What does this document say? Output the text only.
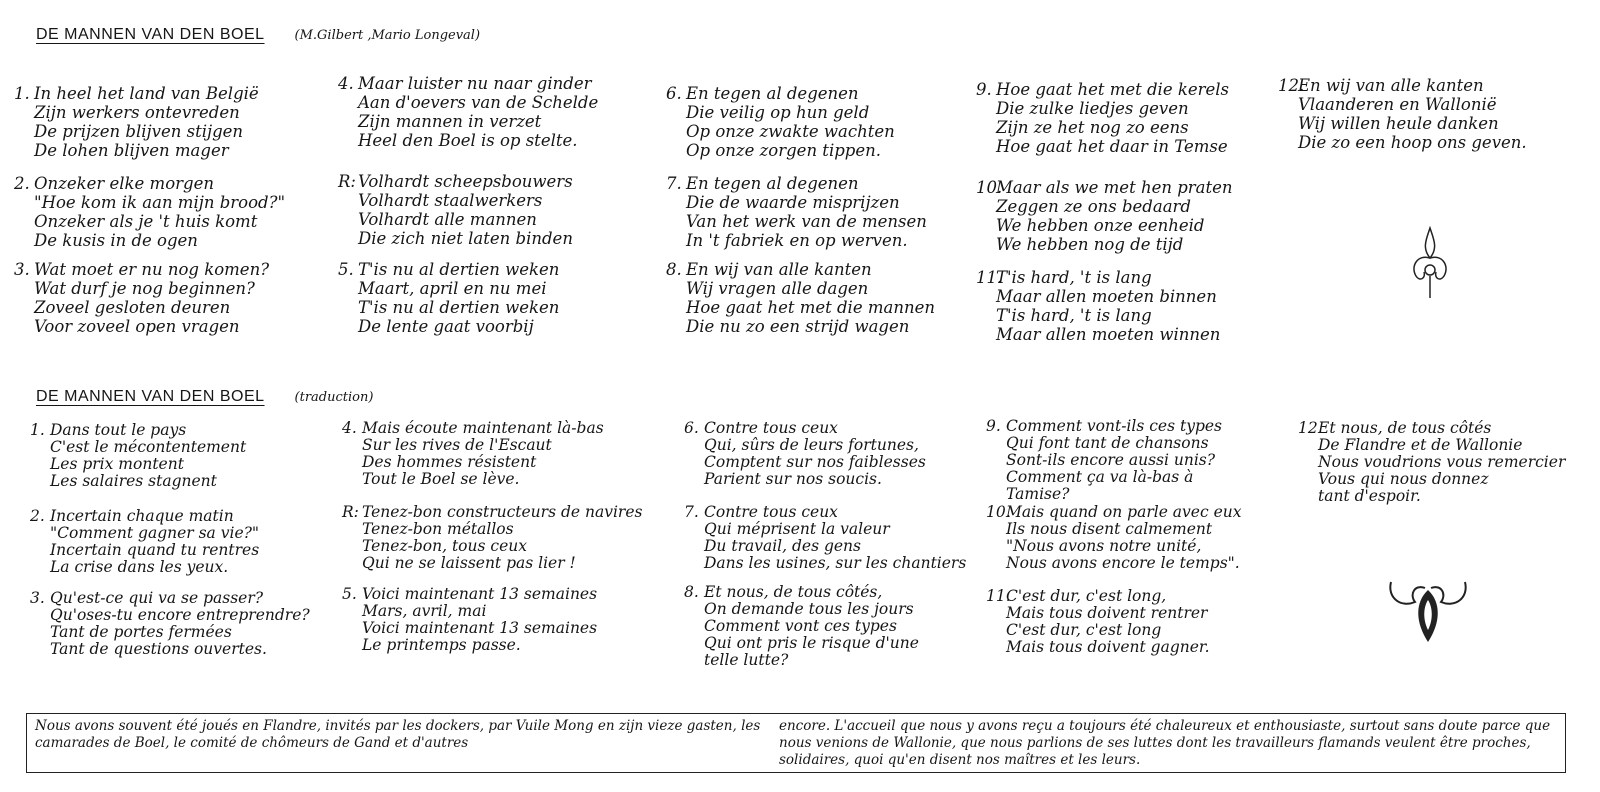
DE MANNEN VAN DEN BOEL (M.Gilbert ,Mario Longeval)
1. In heel het land van België
Zijn werkers ontevreden
De prijzen blijven stijgen
De lohen blijven mager
2. Onzeker elke morgen
"Hoe kom ik aan mijn brood?"
Onzeker als je 't huis komt
De kusis in de ogen
3. Wat moet er nu nog komen?
Wat durf je nog beginnen?
Zoveel gesloten deuren
Voor zoveel open vragen
4. Maar luister nu naar ginder
Aan d'oevers van de Schelde
Zijn mannen in verzet
Heel den Boel is op stelte.
R: Volhardt scheepsbouwers
Volhardt staalwerkers
Volhardt alle mannen
Die zich niet laten binden
5. T'is nu al dertien weken
Maart, april en nu mei
T'is nu al dertien weken
De lente gaat voorbij
6. En tegen al degenen
Die veilig op hun geld
Op onze zwakte wachten
Op onze zorgen tippen.
7. En tegen al degenen
Die de waarde misprijzen
Van het werk van de mensen
In 't fabriek en op werven.
8. En wij van alle kanten
Wij vragen alle dagen
Hoe gaat het met die mannen
Die nu zo een strijd wagen
9. Hoe gaat het met die kerels
Die zulke liedjes geven
Zijn ze het nog zo eens
Hoe gaat het daar in Temse
10.
Maar als we met hen praten
Zeggen ze ons bedaard
We hebben onze eenheid
We hebben nog de tijd
11.
T'is hard, 't is lang
Maar allen moeten binnen
T'is hard, 't is lang
Maar allen moeten winnen
12.
En wij van alle kanten
Vlaanderen en Wallonië
Wij willen heule danken
Die zo een hoop ons geven.
DE MANNEN VAN DEN BOEL (traduction)
1. Dans tout le pays
C'est le mécontentement
Les prix montent
Les salaires stagnent
2. Incertain chaque matin
"Comment gagner sa vie?"
Incertain quand tu rentres
La crise dans les yeux.
3. Qu'est-ce qui va se passer?
Qu'oses-tu encore entreprendre?
Tant de portes fermées
Tant de questions ouvertes.
4. Mais écoute maintenant là-bas
Sur les rives de l'Escaut
Des hommes résistent
Tout le Boel se lève.
R: Tenez-bon constructeurs de navires
Tenez-bon métallos
Tenez-bon, tous ceux
Qui ne se laissent pas lier !
5. Voici maintenant 13 semaines
Mars, avril, mai
Voici maintenant 13 semaines
Le printemps passe.
6. Contre tous ceux
Qui, sûrs de leurs fortunes,
Comptent sur nos faiblesses
Parient sur nos soucis.
7. Contre tous ceux
Qui méprisent la valeur
Du travail, des gens
Dans les usines, sur les chantiers
8. Et nous, de tous côtés,
On demande tous les jours
Comment vont ces types
Qui ont pris le risque d'une
telle lutte?
9. Comment vont-ils ces types
Qui font tant de chansons
Sont-ils encore aussi unis?
Comment ça va là-bas à
Tamise?
10.
Mais quand on parle avec eux
Ils nous disent calmement
"Nous avons notre unité,
Nous avons encore le temps".
11.
C'est dur, c'est long,
Mais tous doivent rentrer
C'est dur, c'est long
Mais tous doivent gagner.
12.
Et nous, de tous côtés
De Flandre et de Wallonie
Nous voudrions vous remercier
Vous qui nous donnez
tant d'espoir.
Nous avons souvent été joués en Flandre, invités par les dockers, par Vuile Mong en zijn vieze gasten, les camarades de Boel, le comité de chômeurs de Gand et d'autres
encore. L'accueil que nous y avons reçu a toujours été chaleureux et enthousiaste, surtout sans doute parce que nous venions de Wallonie, que nous parlions de ses luttes dont les travailleurs flamands veulent être proches, solidaires, quoi qu'en disent nos maîtres et les leurs.
